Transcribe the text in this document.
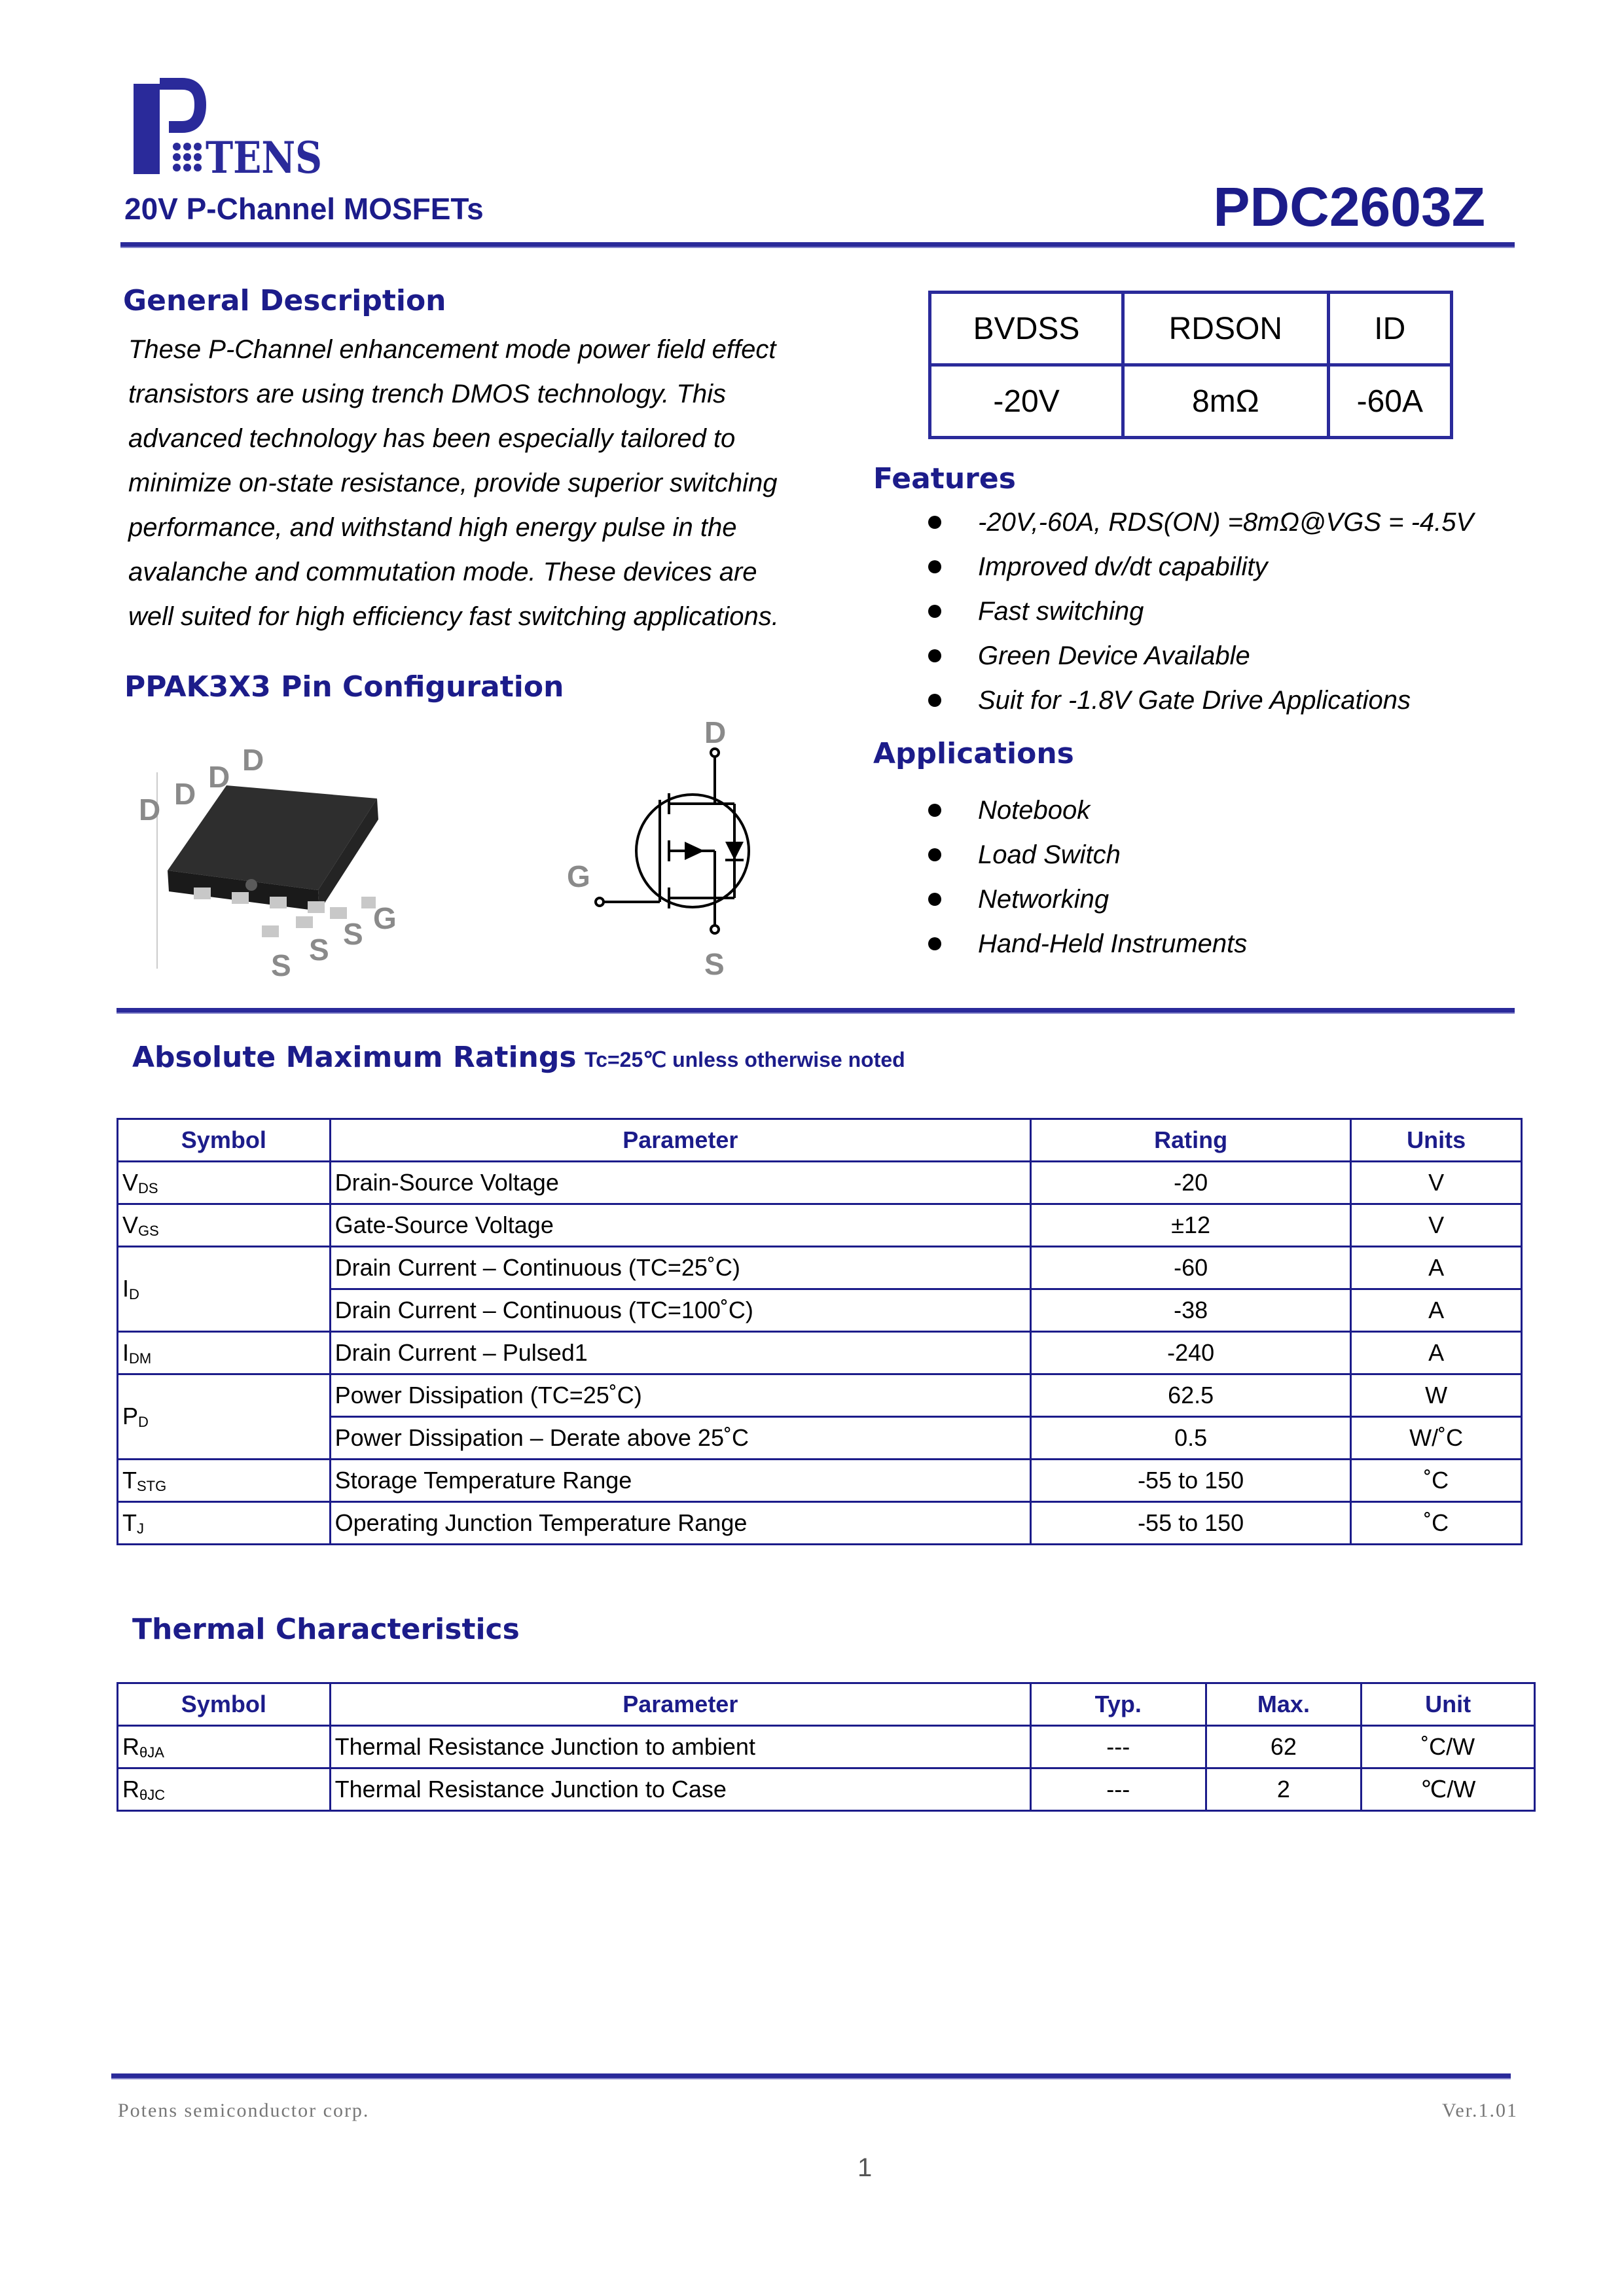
TENS
20V P-Channel MOSFETs	PDC2603Z
General Description
These P-Channel enhancement mode power field effect
transistors are using trench DMOS technology. This
advanced technology has been especially tailored to
minimize on-state resistance, provide superior switching
performance, and withstand high energy pulse in the
avalanche and commutation mode. These devices are
well suited for high efficiency fast switching applications.
BVDSS	RDSON	ID
-20V	8mΩ	-60A
Features
-20V,-60A, RDS(ON) =8mΩ@VGS = -4.5V
Improved dv/dt capability
Fast switching
Green Device Available
Suit for -1.8V Gate Drive Applications
PPAK3X3 Pin Configuration
D D D D
S S S G
D
G
S
Applications
Notebook
Load Switch
Networking
Hand-Held Instruments
Absolute Maximum Ratings Tc=25℃ unless otherwise noted
Symbol	Parameter	Rating	Units
$V_{DS}$	Drain-Source Voltage	-20	V
$V_{GS}$	Gate-Source Voltage	±12	V
$I_D$	Drain Current – Continuous (TC=25˚C)	-60	A
	Drain Current – Continuous (TC=100˚C)	-38	A
$I_{DM}$	Drain Current – Pulsed1	-240	A
$P_D$	Power Dissipation (TC=25˚C)	62.5	W
	Power Dissipation – Derate above 25˚C	0.5	W/˚C
$T_{STG}$	Storage Temperature Range	-55 to 150	˚C
$T_J$	Operating Junction Temperature Range	-55 to 150	˚C
Thermal Characteristics
Symbol	Parameter	Typ.	Max.	Unit
$R_{\theta JA}$	Thermal Resistance Junction to ambient	---	62	˚C/W
$R_{\theta JC}$	Thermal Resistance Junction to Case	---	2	℃/W
Potens semiconductor corp.	Ver.1.01
1
